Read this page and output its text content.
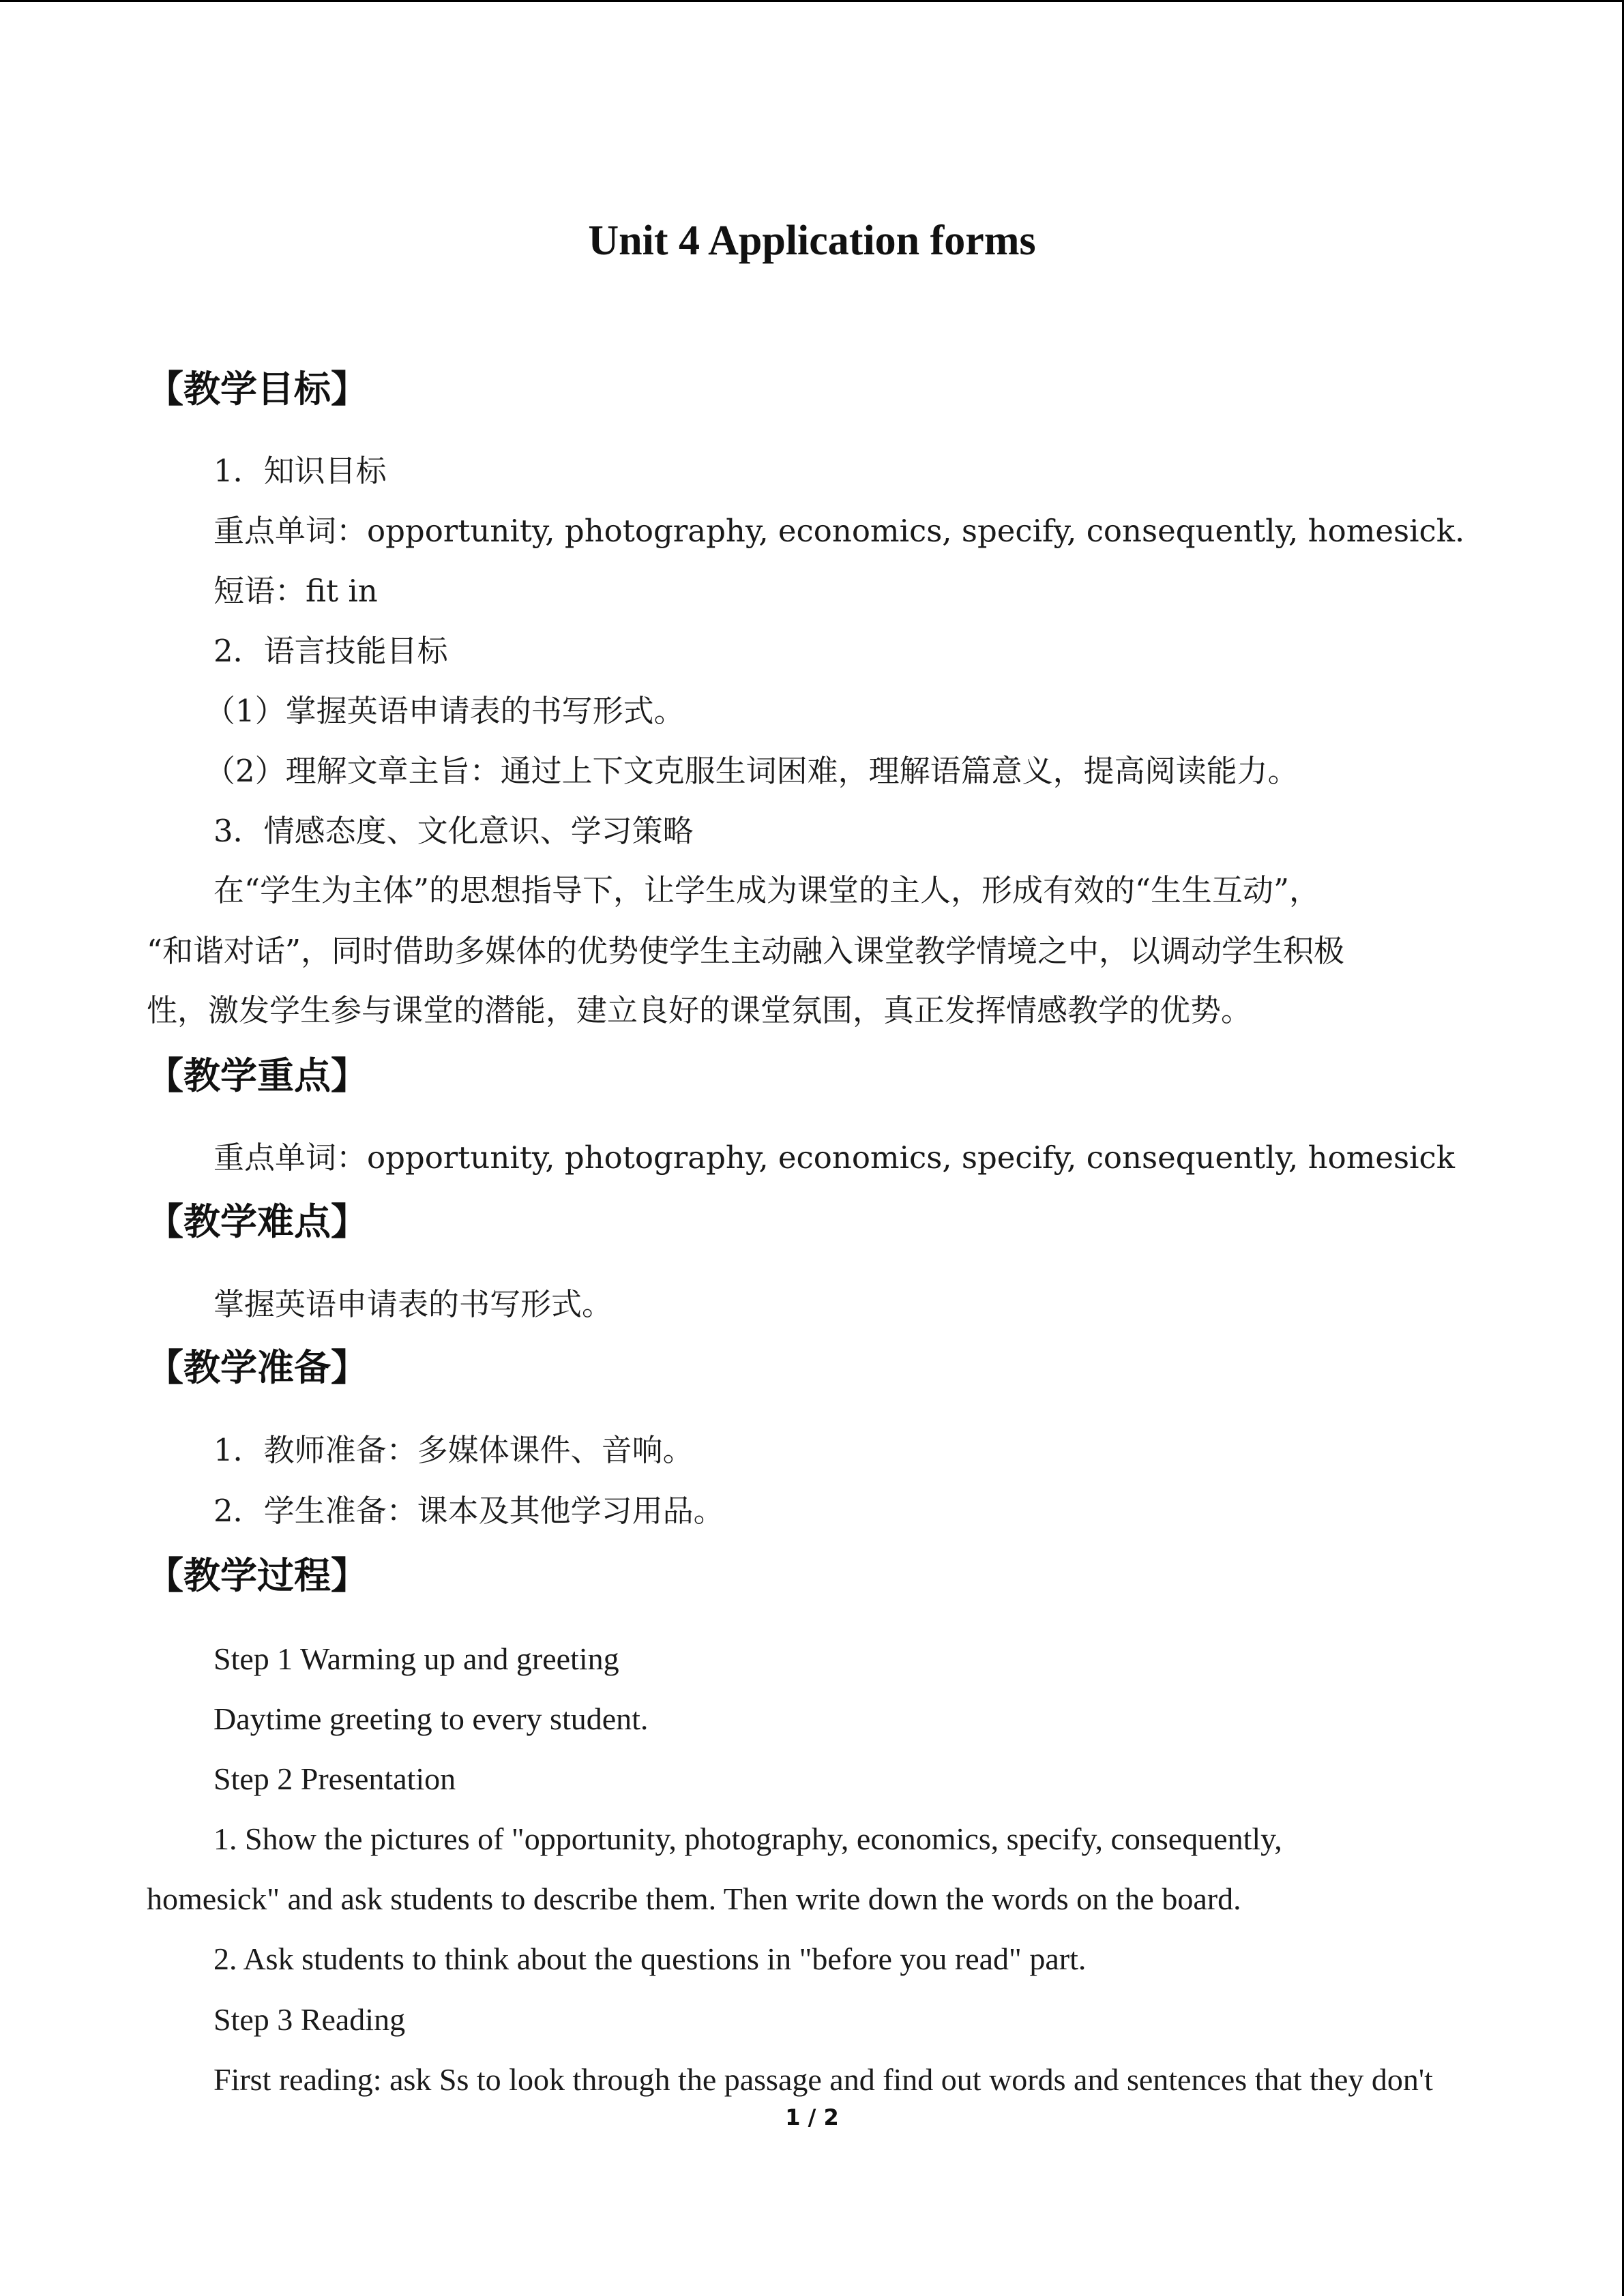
Unit 4 Application forms
【教学目标】
1．知识目标
重点单词：opportunity, photography, economics, specify, consequently, homesick.
短语：fit in
2．语言技能目标
（1）掌握英语申请表的书写形式。
（2）理解文章主旨：通过上下文克服生词困难，理解语篇意义，提高阅读能力。
3．情感态度、文化意识、学习策略
在“学生为主体”的思想指导下，让学生成为课堂的主人，形成有效的“生生互动”，
“和谐对话”，同时借助多媒体的优势使学生主动融入课堂教学情境之中，以调动学生积极
性，激发学生参与课堂的潜能，建立良好的课堂氛围，真正发挥情感教学的优势。
【教学重点】
重点单词：opportunity, photography, economics, specify, consequently, homesick
【教学难点】
掌握英语申请表的书写形式。
【教学准备】
1．教师准备：多媒体课件、音响。
2．学生准备：课本及其他学习用品。
【教学过程】
Step 1 Warming up and greeting
Daytime greeting to every student.
Step 2 Presentation
1. Show the pictures of "opportunity, photography, economics, specify, consequently,
homesick" and ask students to describe them. Then write down the words on the board.
2. Ask students to think about the questions in "before you read" part.
Step 3 Reading
First reading: ask Ss to look through the passage and find out words and sentences that they don't
1 / 2
